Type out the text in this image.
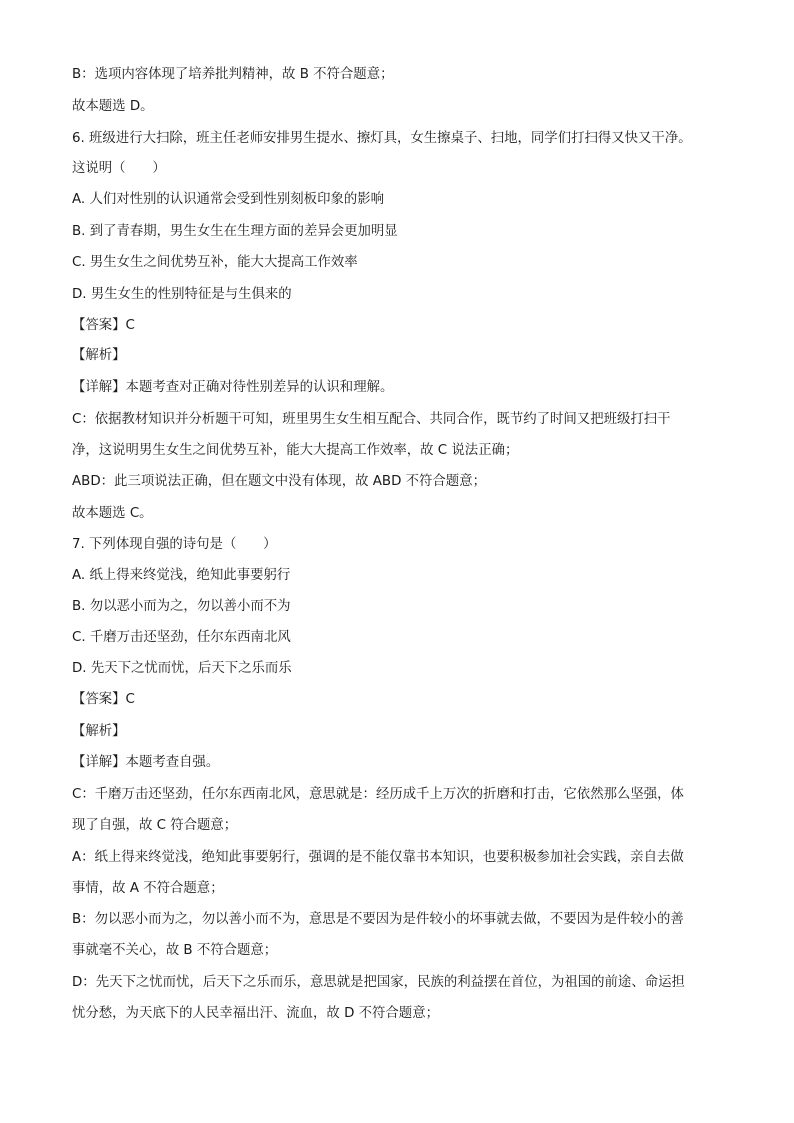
B：选项内容体现了培养批判精神，故 B 不符合题意；
故本题选 D。
6. 班级进行大扫除，班主任老师安排男生提水、擦灯具，女生擦桌子、扫地，同学们打扫得又快又干净。
这说明（　　）
A. 人们对性别的认识通常会受到性别刻板印象的影响
B. 到了青春期，男生女生在生理方面的差异会更加明显
C. 男生女生之间优势互补，能大大提高工作效率
D. 男生女生的性别特征是与生俱来的
【答案】C
【解析】
【详解】本题考查对正确对待性别差异的认识和理解。
C：依据教材知识并分析题干可知，班里男生女生相互配合、共同合作，既节约了时间又把班级打扫干
净，这说明男生女生之间优势互补，能大大提高工作效率，故 C 说法正确；
ABD：此三项说法正确，但在题文中没有体现，故 ABD 不符合题意；
故本题选 C。
7. 下列体现自强的诗句是（　　）
A. 纸上得来终觉浅，绝知此事要躬行
B. 勿以恶小而为之，勿以善小而不为
C. 千磨万击还坚劲，任尔东西南北风
D. 先天下之忧而忧，后天下之乐而乐
【答案】C
【解析】
【详解】本题考查自强。
C：千磨万击还坚劲，任尔东西南北风，意思就是：经历成千上万次的折磨和打击，它依然那么坚强，体
现了自强，故 C 符合题意；
A：纸上得来终觉浅，绝知此事要躬行，强调的是不能仅靠书本知识，也要积极参加社会实践，亲自去做
事情，故 A 不符合题意；
B：勿以恶小而为之，勿以善小而不为，意思是不要因为是件较小的坏事就去做，不要因为是件较小的善
事就毫不关心，故 B 不符合题意；
D：先天下之忧而忧，后天下之乐而乐，意思就是把国家，民族的利益摆在首位，为祖国的前途、命运担
忧分愁，为天底下的人民幸福出汗、流血，故 D 不符合题意；
